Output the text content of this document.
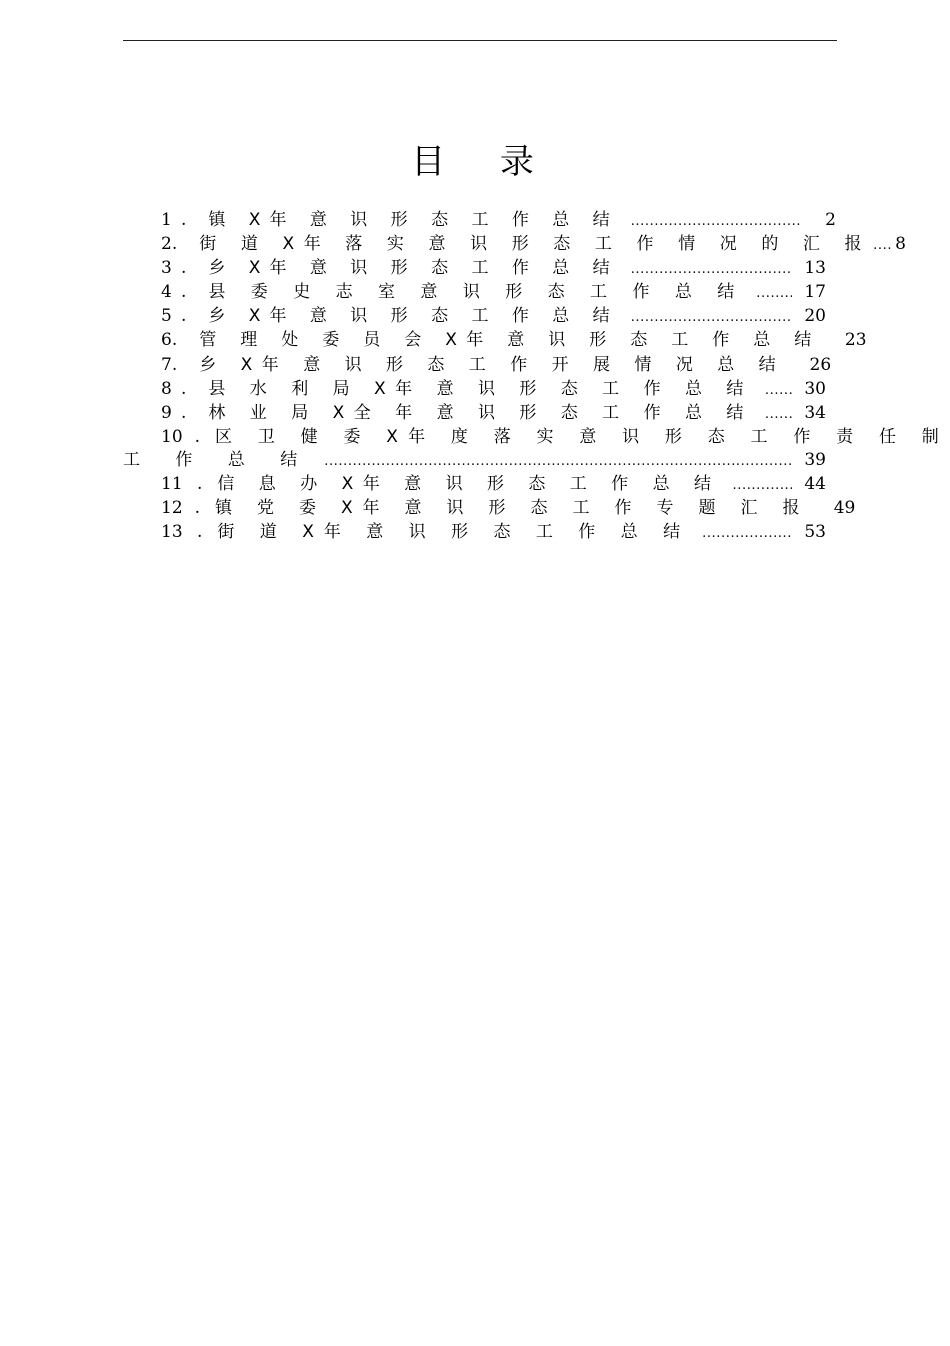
目 录
1 . 镇 X年 意 识 形 态 工 作 总 结 .....	2
2 . 街 道 X年 落 实 意 识 形 态 工 作 情 况 的 汇 报 ..... 8
3 . 乡 X年 意 识 形 态 工 作 总 结 .....	13
4 . 县 委 史 志 室 意 识 形 态 工 作 总 结 .....	17
5 . 乡 X年 意 识 形 态 工 作 总 结 .....	20
6 . 管 理 处 委 员 会 X年 意 识 形 态 工 作 总 结	23
7 . 乡 X年 意 识 形 态 工 作 开 展 情 况 总 结	26
8 . 县 水 利 局 X年 意 识 形 态 工 作 总 结 .....	30
9 . 林 业 局 X全 年 意 识 形 态 工 作 总 结 .....	34
10 . 区 卫 健 委 X年 度 落 实 意 识 形 态 工 作 责 任 制
工 作 总 结 .....	39
11 . 信 息 办 X年 意 识 形 态 工 作 总 结 .....	44
12 . 镇 党 委 X年 意 识 形 态 工 作 专 题 汇 报	49
13 . 街 道 X年 意 识 形 态 工 作 总 结 .....	53
